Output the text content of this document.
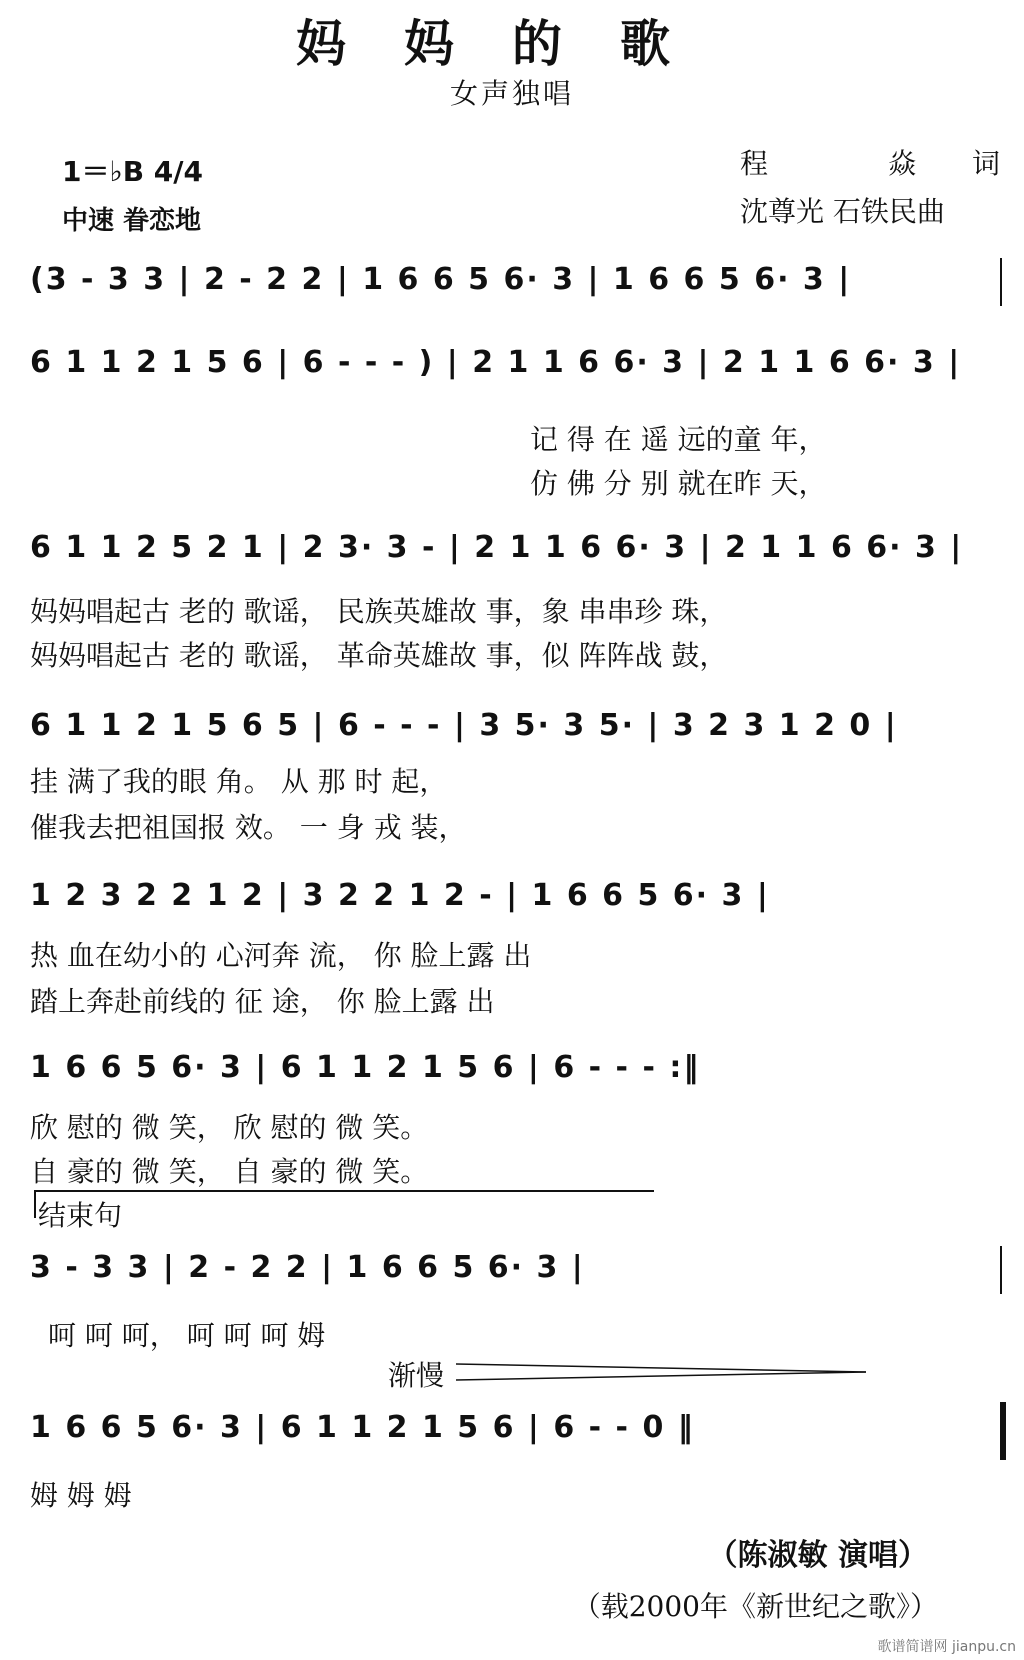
妈妈的歌
女声独唱
1＝♭B 4/4
中速 眷恋地
程 焱词
沈尊光 石铁民曲
(3 - 3 3 | 2 - 2 2 | 1 6 6 5 6· 3 | 1 6 6 5 6· 3 |
6 1 1 2 1 5 6 | 6 - - - ) | 2 1 1 6 6· 3 | 2 1 1 6 6· 3 |
记 得 在 遥 远的童 年，
仿 佛 分 别 就在昨 天，
6 1 1 2 5 2 1 | 2 3· 3 - | 2 1 1 6 6· 3 | 2 1 1 6 6· 3 |
妈妈唱起古 老的 歌谣， 民族英雄故 事，象 串串珍 珠，
妈妈唱起古 老的 歌谣， 革命英雄故 事，似 阵阵战 鼓，
6 1 1 2 1 5 6 5 | 6 - - - | 3 5· 3 5· | 3 2 3 1 2 0 |
挂 满了我的眼 角。 从 那 时 起，
催我去把祖国报 效。 一 身 戎 装，
1 2 3 2 2 1 2 | 3 2 2 1 2 - | 1 6 6 5 6· 3 |
热 血在幼小的 心河奔 流， 你 脸上露 出
踏上奔赴前线的 征 途， 你 脸上露 出
1 6 6 5 6· 3 | 6 1 1 2 1 5 6 | 6 - - - :‖
欣 慰的 微 笑， 欣 慰的 微 笑。
自 豪的 微 笑， 自 豪的 微 笑。
结束句
3 - 3 3 | 2 - 2 2 | 1 6 6 5 6· 3 |
呵 呵 呵， 呵 呵 呵 姆
渐慢
1 6 6 5 6· 3 | 6 1 1 2 1 5 6 | 6 - - 0 ‖
姆 姆 姆
（陈淑敏 演唱）
（载2000年《新世纪之歌》）
歌谱简谱网 jianpu.cn
